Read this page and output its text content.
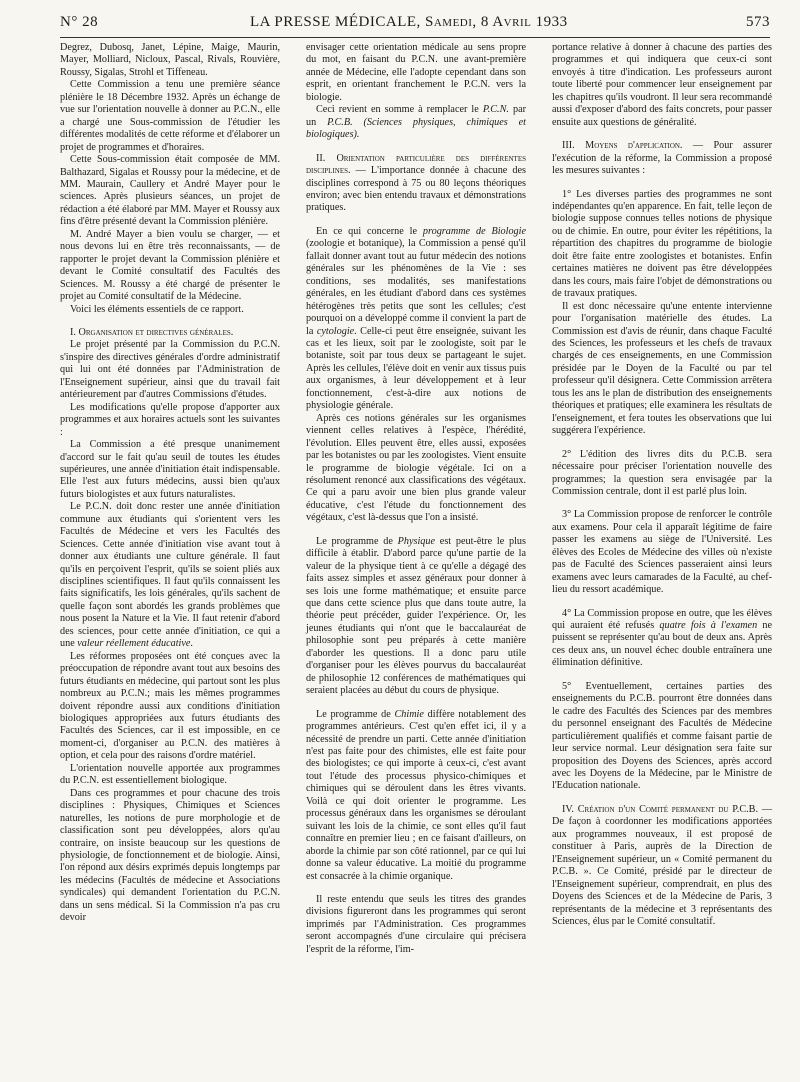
N° 28	LA PRESSE MÉDICALE, Samedi, 8 Avril 1933	573

Degrez, Dubosq, Janet, Lépine, Maige, Maurin, Mayer, Molliard, Nicloux, Pascal, Rivals, Rouvière, Roussy, Sigalas, Strohl et Tiffeneau.

Cette Commission a tenu une première séance plénière le 18 Décembre 1932. Après un échange de vue sur l'orientation nouvelle à donner au P.C.N., elle a chargé une Sous-commission de l'étudier les différentes modalités de cette réforme et d'élaborer un projet de programmes et d'horaires.

Cette Sous-commission était composée de MM. Balthazard, Sigalas et Roussy pour la médecine, et de MM. Maurain, Caullery et André Mayer pour le sciences. Après plusieurs séances, un projet de rédaction a été élaboré par MM. Mayer et Roussy aux fins d'être présenté devant la Commission plénière.

M. André Mayer a bien voulu se charger, — et nous devons lui en être très reconnaissants, — de rapporter le projet devant la Commission plénière et devant le Comité consultatif des Facultés des Sciences. M. Roussy a été chargé de présenter le projet au Comité consultatif de la Médecine.

Voici les éléments essentiels de ce rapport.

I. Organisation et directives générales.

Le projet présenté par la Commission du P.C.N. s'inspire des directives générales d'ordre administratif qui lui ont été données par l'Administration de l'Enseignement supérieur, ainsi que du travail fait antérieurement par d'autres Commissions d'études.

Les modifications qu'elle propose d'apporter aux programmes et aux horaires actuels sont les suivantes :

La Commission a été presque unanimement d'accord sur le fait qu'au seuil de toutes les études supérieures, une année d'initiation était indispensable. Elle l'est aux futurs médecins, aussi bien qu'aux futurs biologistes et aux futurs naturalistes.

Le P.C.N. doit donc rester une année d'initiation commune aux étudiants qui s'orientent vers les Facultés de Médecine et vers les Facultés des Sciences. Cette année d'initiation vise avant tout à donner aux étudiants une culture générale. Il faut qu'ils en perçoivent l'esprit, qu'ils se soient pliés aux disciplines scientifiques. Il faut qu'ils connaissent les faits significatifs, les lois générales, qu'ils sachent de quelle façon sont abordés les grands problèmes que nous posent la Nature et la Vie. Il faut retenir d'abord des sciences, pour cette année d'initiation, ce qui a une valeur réellement éducative.

Les réformes proposées ont été conçues avec la préoccupation de répondre avant tout aux besoins des futurs étudiants en médecine, qui partout sont les plus nombreux au P.C.N.; mais les mêmes programmes doivent répondre aussi aux conditions d'initiation biologiques appropriées aux futurs étudiants des Facultés des Sciences, car il est impossible, en ce moment-ci, d'organiser au P.C.N. des matières à option, et cela pour des raisons d'ordre matériel.

L'orientation nouvelle apportée aux programmes du P.C.N. est essentiellement biologique.

Dans ces programmes et pour chacune des trois disciplines : Physiques, Chimiques et Sciences naturelles, les notions de pure morphologie et de classification sont peu développées, alors qu'au contraire, on insiste beaucoup sur les questions de physiologie, de fonctionnement et de biologie. Ainsi, l'on répond aux désirs exprimés depuis longtemps par les médecins (Facultés de médecine et Associations syndicales) qui demandent l'orientation du P.C.N. dans un sens médical. Si la Commission n'a pas cru devoir

envisager cette orientation médicale au sens propre du mot, en faisant du P.C.N. une avant-première année de Médecine, elle l'adopte cependant dans son esprit, en orientant franchement le P.C.N. vers la biologie.

Ceci revient en somme à remplacer le P.C.N. par un P.C.B. (Sciences physiques, chimiques et biologiques).

II. Orientation particulière des différentes disciplines. — L'importance donnée à chacune des disciplines correspond à 75 ou 80 leçons théoriques environ; avec bien entendu travaux et démonstrations pratiques.

En ce qui concerne le programme de Biologie (zoologie et botanique), la Commission a pensé qu'il fallait donner avant tout au futur médecin des notions générales sur les phénomènes de la Vie : ses conditions, ses modalités, ses manifestations générales, en les étudiant d'abord dans ces systèmes hétérogènes très petits que sont les cellules; c'est pourquoi on a développé comme il convient la part de la cytologie. Celle-ci peut être enseignée, suivant les cas et les lieux, soit par le zoologiste, soit par le botaniste, soit par tous deux se partageant le sujet. Après les cellules, l'élève doit en venir aux tissus puis aux organismes, à leur développement et à leur fonctionnement, c'est-à-dire aux notions de physiologie générale.

Après ces notions générales sur les organismes viennent celles relatives à l'espèce, l'hérédité, l'évolution. Elles peuvent être, elles aussi, exposées par les botanistes ou par les zoologistes. Vient ensuite le programme de biologie végétale. Ici on a résolument renoncé aux classifications des végétaux. Ce qui a paru avoir une bien plus grande valeur éducative, c'est l'étude du fonctionnement des végétaux, c'est là-dessus que l'on a insisté.

Le programme de Physique est peut-être le plus difficile à établir. D'abord parce qu'une partie de la valeur de la physique tient à ce qu'elle a dégagé des faits assez simples et assez généraux pour donner à ses lois une forme mathématique; et ensuite parce que dans cette science plus que dans toute autre, la théorie peut précéder, guider l'expérience. Or, les jeunes étudiants qui n'ont que le baccalauréat de philosophie sont peu préparés à cette manière d'aborder les questions. Il a donc paru utile d'organiser pour les élèves pourvus du baccalauréat de philosophie 12 conférences de mathématiques qui seraient placées au début du cours de physique.

Le programme de Chimie diffère notablement des programmes antérieurs. C'est qu'en effet ici, il y a nécessité de prendre un parti. Cette année d'initiation n'est pas faite pour des chimistes, elle est faite pour des biologistes; ce qui importe à ceux-ci, c'est avant tout l'étude des processus physico-chimiques et chimiques qui se déroulent dans les êtres vivants. Voilà ce qui doit orienter le programme. Les processus généraux dans les organismes se déroulant suivant les lois de la chimie, ce sont elles qu'il faut connaître en premier lieu ; en ce faisant d'ailleurs, on aborde la chimie par son côté rationnel, par ce qui lui donne sa valeur éducative. La moitié du programme est consacrée à la chimie organique.

Il reste entendu que seuls les titres des grandes divisions figureront dans les programmes qui seront imprimés par l'Administration. Ces programmes seront accompagnés d'une circulaire qui précisera l'esprit de la réforme, l'im-

portance relative à donner à chacune des parties des programmes et qui indiquera que ceux-ci sont envoyés à titre d'indication. Les professeurs auront toute liberté pour commencer leur enseignement par les chapitres qu'ils voudront. Il leur sera recommandé aussi d'exposer d'abord des faits concrets, pour passer ensuite aux questions de généralité.

III. Moyens d'application. — Pour assurer l'exécution de la réforme, la Commission a proposé les mesures suivantes :

1° Les diverses parties des programmes ne sont indépendantes qu'en apparence. En fait, telle leçon de biologie suppose connues telles notions de physique ou de chimie. En outre, pour éviter les répétitions, la répartition des chapitres du programme de biologie doit être faite entre zoologistes et botanistes. Enfin certaines matières ne doivent pas être développées dans les cours, mais faire l'objet de démonstrations ou de travaux pratiques.

Il est donc nécessaire qu'une entente intervienne pour l'organisation matérielle des études. La Commission est d'avis de réunir, dans chaque Faculté des Sciences, les professeurs et les chefs de travaux chargés de ces enseignements, en une Commission présidée par le Doyen de la Faculté ou par tel professeur qu'il désignera. Cette Commission arrêtera tous les ans le plan de distribution des enseignements théoriques et pratiques; elle examinera les résultats de l'enseignement, et fera toutes les observations que lui suggérera l'expérience.

2° L'édition des livres dits du P.C.B. sera nécessaire pour préciser l'orientation nouvelle des programmes; la question sera envisagée par la Commission centrale, dont il est parlé plus loin.

3° La Commission propose de renforcer le contrôle aux examens. Pour cela il apparaît légitime de faire passer les examens au siège de l'Université. Les élèves des Ecoles de Médecine des villes où n'existe pas de Faculté des Sciences passeraient ainsi leurs examens avec leurs camarades de la Faculté, au chef-lieu du ressort académique.

4° La Commission propose en outre, que les élèves qui auraient été refusés quatre fois à l'examen ne puissent se représenter qu'au bout de deux ans. Après ces deux ans, un nouvel échec double entraînera une élimination définitive.

5° Eventuellement, certaines parties des enseignements du P.C.B. pourront être données dans le cadre des Facultés des Sciences par des membres du personnel enseignant des Facultés de Médecine particulièrement qualifiés et comme faisant partie de leur service normal. Leur désignation sera faite sur proposition des Doyens des Sciences, après accord avec les Doyens de la Médecine, par le Ministre de l'Education nationale.

IV. Création d'un Comité permanent du P.C.B. — De façon à coordonner les modifications apportées aux programmes nouveaux, il est proposé de constituer à Paris, auprès de la Direction de l'Enseignement supérieur, un « Comité permanent du P.C.B. ». Ce Comité, présidé par le directeur de l'Enseignement supérieur, comprendrait, en plus des Doyens des Sciences et de la Médecine de Paris, 3 représentants de la médecine et 3 représentants des Sciences, élus par le Comité consultatif.
